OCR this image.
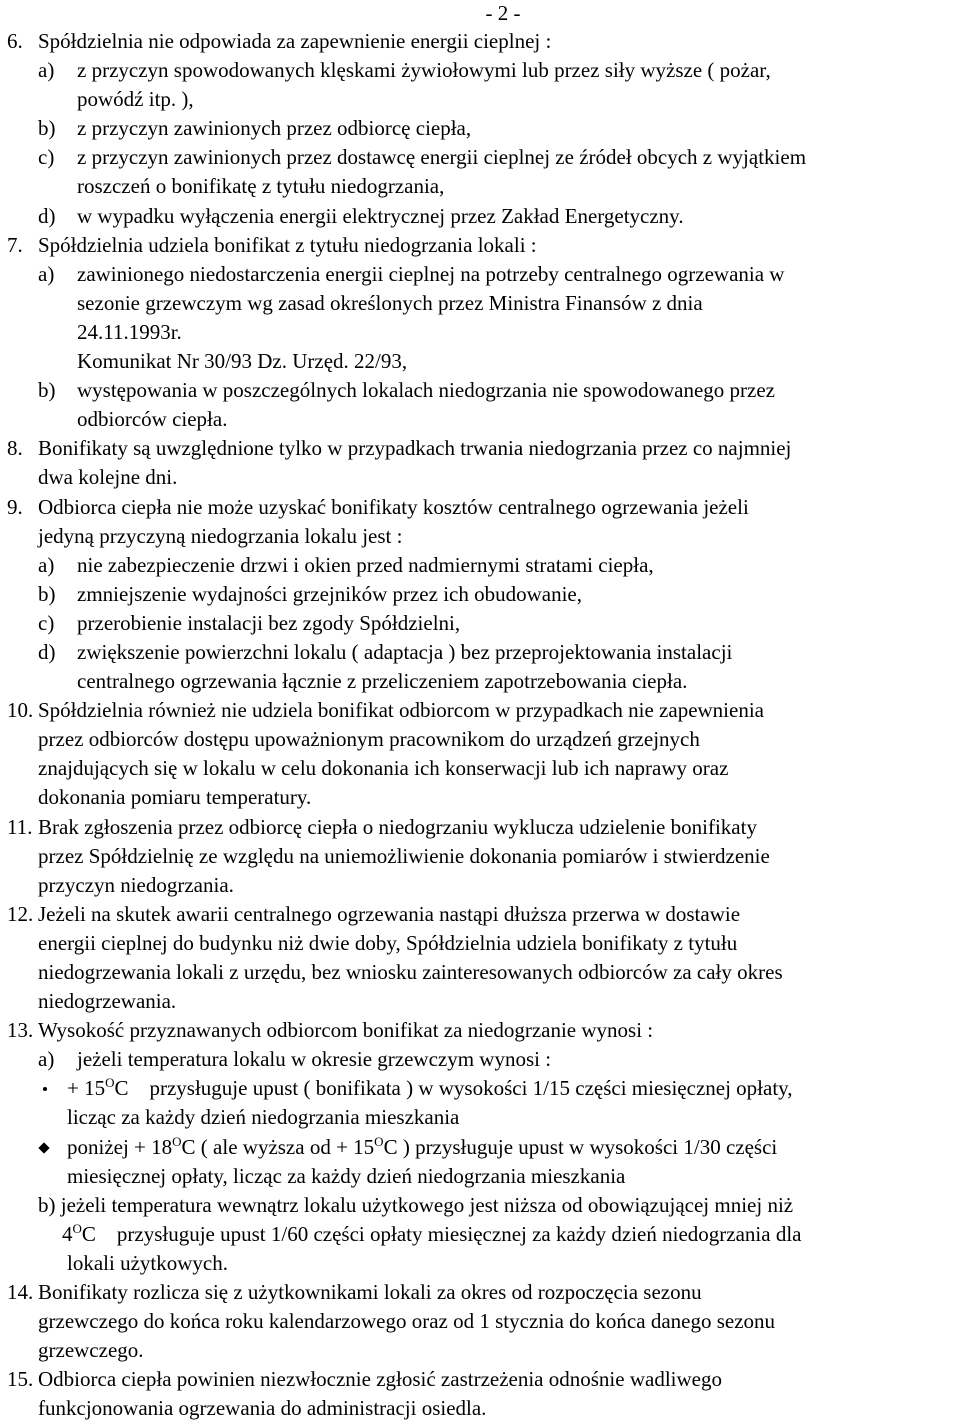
- 2 -
6. Spółdzielnia nie odpowiada za zapewnienie energii cieplnej :
a) z przyczyn spowodowanych klęskami żywiołowymi lub przez siły wyższe ( pożar,
powódź itp. ),
b) z przyczyn zawinionych przez odbiorcę ciepła,
c) z przyczyn zawinionych przez dostawcę energii cieplnej ze źródeł obcych z wyjątkiem
roszczeń o bonifikatę z tytułu niedogrzania,
d) w wypadku wyłączenia energii elektrycznej przez Zakład Energetyczny.
7. Spółdzielnia udziela bonifikat z tytułu niedogrzania lokali :
a) zawinionego niedostarczenia energii cieplnej na potrzeby centralnego ogrzewania w
sezonie grzewczym wg zasad określonych przez Ministra Finansów z dnia
24.11.1993r.
Komunikat Nr 30/93 Dz. Urzęd. 22/93,
b) występowania w poszczególnych lokalach niedogrzania nie spowodowanego przez
odbiorców ciepła.
8. Bonifikaty są uwzględnione tylko w przypadkach trwania niedogrzania przez co najmniej
dwa kolejne dni.
9. Odbiorca ciepła nie może uzyskać bonifikaty kosztów centralnego ogrzewania jeżeli
jedyną przyczyną niedogrzania lokalu jest :
a) nie zabezpieczenie drzwi i okien przed nadmiernymi stratami ciepła,
b) zmniejszenie wydajności grzejników przez ich obudowanie,
c) przerobienie instalacji bez zgody Spółdzielni,
d) zwiększenie powierzchni lokalu ( adaptacja ) bez przeprojektowania instalacji
centralnego ogrzewania łącznie z przeliczeniem zapotrzebowania ciepła.
10. Spółdzielnia również nie udziela bonifikat odbiorcom w przypadkach nie zapewnienia
przez odbiorców dostępu upoważnionym pracownikom do urządzeń grzejnych
znajdujących się w lokalu w celu dokonania ich konserwacji lub ich naprawy oraz
dokonania pomiaru temperatury.
11. Brak zgłoszenia przez odbiorcę ciepła o niedogrzaniu wyklucza udzielenie bonifikaty
przez Spółdzielnię ze względu na uniemożliwienie dokonania pomiarów i stwierdzenie
przyczyn niedogrzania.
12. Jeżeli na skutek awarii centralnego ogrzewania nastąpi dłuższa przerwa w dostawie
energii cieplnej do budynku niż dwie doby, Spółdzielnia udziela bonifikaty z tytułu
niedogrzewania lokali z urzędu, bez wniosku zainteresowanych odbiorców za cały okres
niedogrzewania.
13. Wysokość przyznawanych odbiorcom bonifikat za niedogrzanie wynosi :
a) jeżeli temperatura lokalu w okresie grzewczym wynosi :
+ $15^OC$    przysługuje upust ( bonifikata ) w wysokości 1/15 części miesięcznej opłaty,
licząc za każdy dzień niedogrzania mieszkania
poniżej + $18^OC$ ( ale wyższa od + $15^OC$ ) przysługuje upust w wysokości 1/30 części
miesięcznej opłaty, licząc za każdy dzień niedogrzania mieszkania
b) jeżeli temperatura wewnątrz lokalu użytkowego jest niższa od obowiązującej mniej niż
$4^OC$    przysługuje upust 1/60 części opłaty miesięcznej za każdy dzień niedogrzania dla
lokali użytkowych.
14. Bonifikaty rozlicza się z użytkownikami lokali za okres od rozpoczęcia sezonu
grzewczego do końca roku kalendarzowego oraz od 1 stycznia do końca danego sezonu
grzewczego.
15. Odbiorca ciepła powinien niezwłocznie zgłosić zastrzeżenia odnośnie wadliwego
funkcjonowania ogrzewania do administracji osiedla.
